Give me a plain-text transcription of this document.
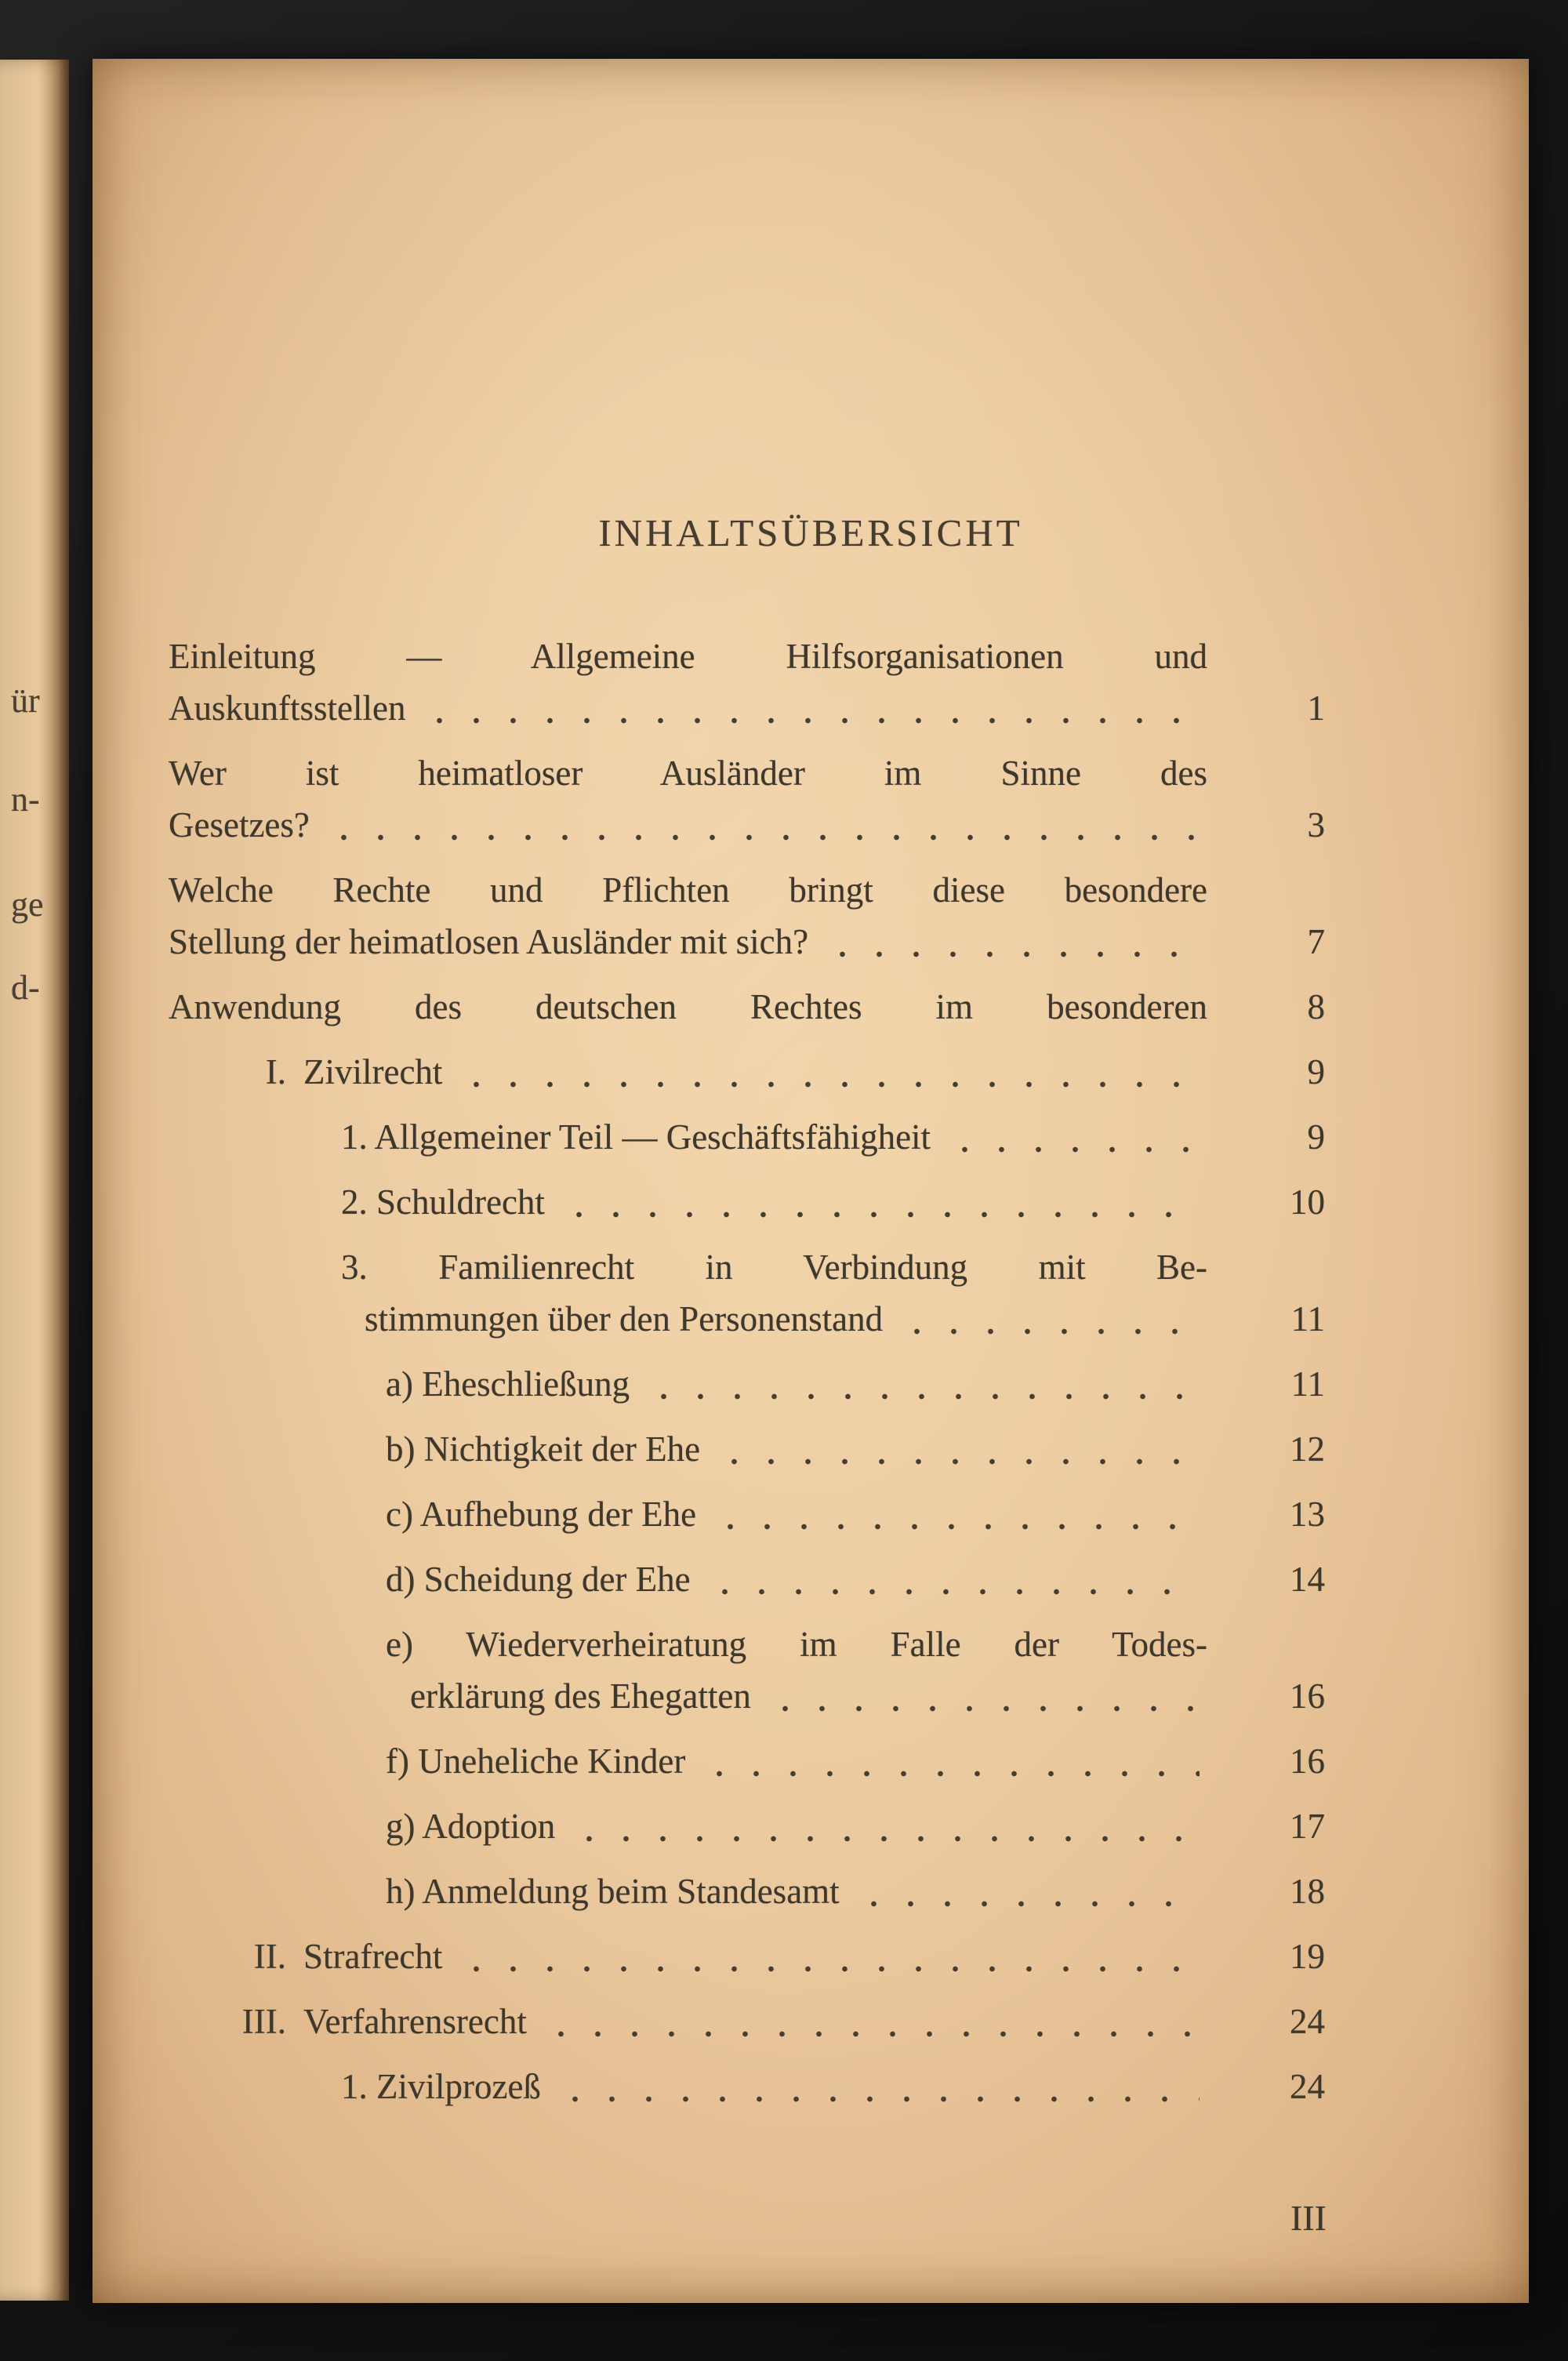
ür
n-
ge
d-
INHALTSÜBERSICHT
Einleitung — Allgemeine Hilfsorganisationen und
Auskunftsstellen	1
Wer ist heimatloser Ausländer im Sinne des
Gesetzes?	3
Welche Rechte und Pflichten bringt diese besondere
Stellung der heimatlosen Ausländer mit sich?	7
Anwendung des deutschen Rechtes im besonderen	8
I. Zivilrecht	9
1. Allgemeiner Teil — Geschäftsfähigheit	9
2. Schuldrecht	10
3. Familienrecht in Verbindung mit Be-
stimmungen über den Personenstand	11
a) Eheschließung	11
b) Nichtigkeit der Ehe	12
c) Aufhebung der Ehe	13
d) Scheidung der Ehe	14
e) Wiederverheiratung im Falle der Todes-
erklärung des Ehegatten	16
f) Uneheliche Kinder	16
g) Adoption	17
h) Anmeldung beim Standesamt	18
II. Strafrecht	19
III. Verfahrensrecht	24
1. Zivilprozeß	24
III
